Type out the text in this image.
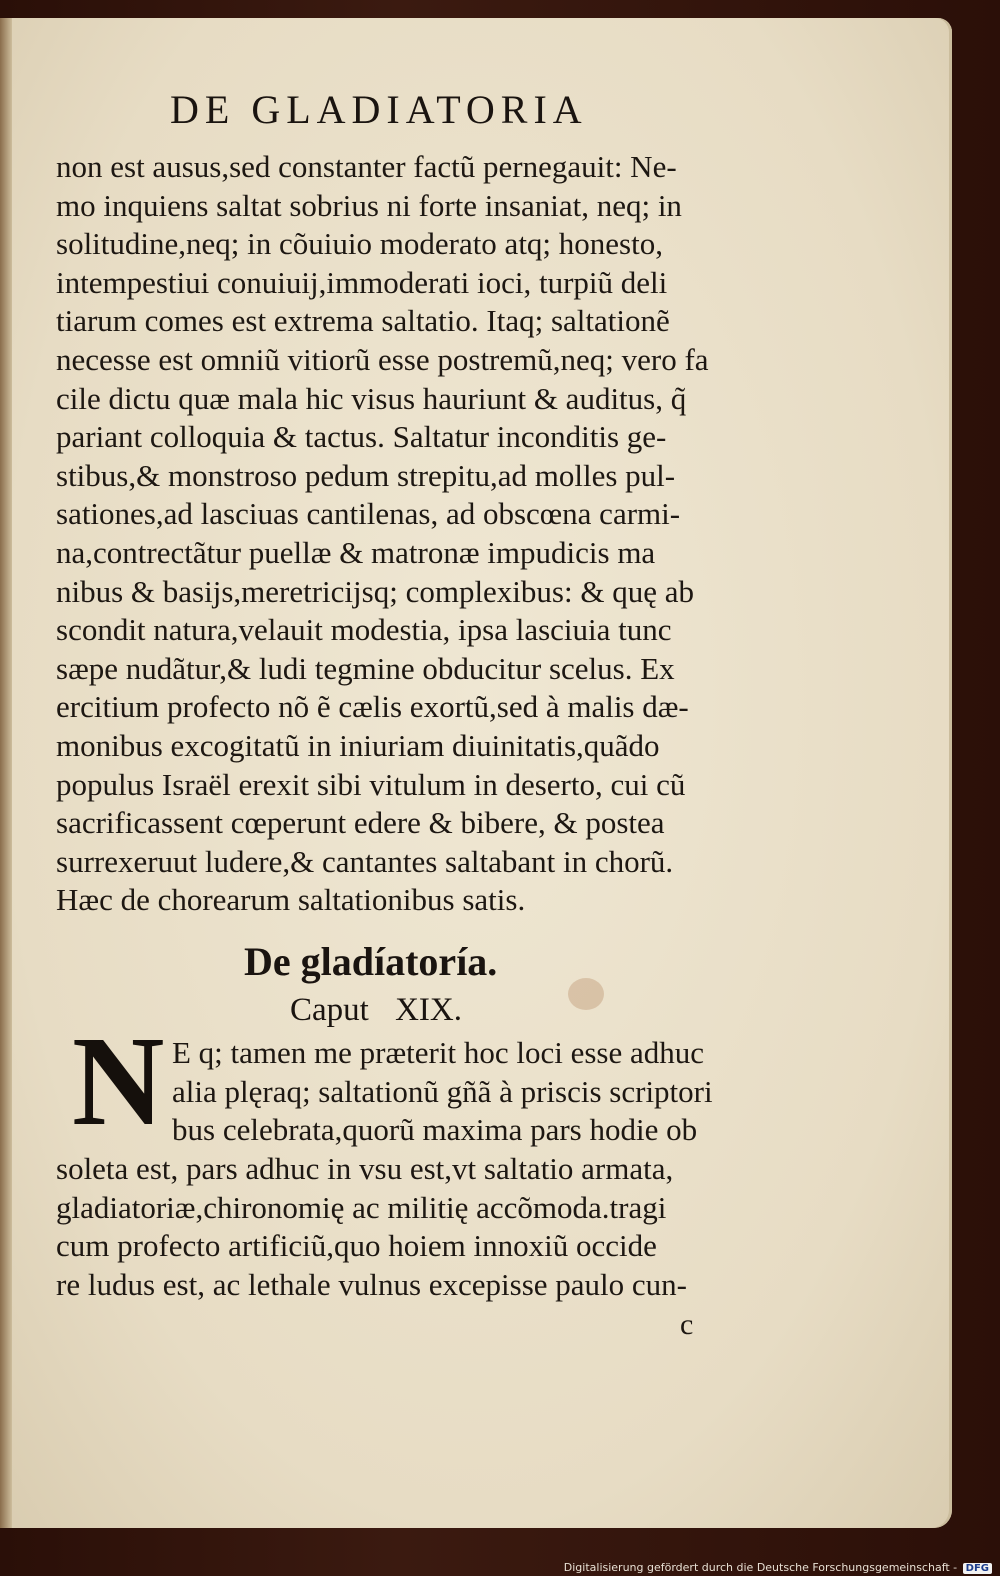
DE GLADIATORIA
non est ausus,sed constanter factũ pernegauit: Ne-
mo inquiens saltat sobrius ni forte insaniat, neq; in
solitudine,neq; in cõuiuio moderato atq; honesto,
intempestiui conuiuij,immoderati ioci, turpiũ deli
tiarum comes est extrema saltatio. Itaq; saltationẽ
necesse est omniũ vitiorũ esse postremũ,neq; vero fa
cile dictu quæ mala hic visus hauriunt & auditus, q̃
pariant colloquia & tactus. Saltatur inconditis ge-
stibus,& monstroso pedum strepitu,ad molles pul-
sationes,ad lasciuas cantilenas, ad obscœna carmi-
na,contrectãtur puellæ & matronæ impudicis ma
nibus & basijs,meretricijsq; complexibus: & quę ab
scondit natura,velauit modestia, ipsa lasciuia tunc
sæpe nudãtur,& ludi tegmine obducitur scelus. Ex
ercitium profecto nõ ẽ cælis exortũ,sed à malis dæ-
monibus excogitatũ in iniuriam diuinitatis,quãdo
populus Israël erexit sibi vitulum in deserto, cui cũ
sacrificassent cœperunt edere & bibere, & postea
surrexeruut ludere,& cantantes saltabant in chorũ.
Hæc de chorearum saltationibus satis.
De gladíatoría.
Caput XIX.
N E q; tamen me præterit hoc loci esse adhuc
alia plęraq; saltationũ gñã à priscis scriptori
bus celebrata,quorũ maxima pars hodie ob
soleta est, pars adhuc in vsu est,vt saltatio armata,
gladiatoriæ,chironomię ac militię accõmoda.tragi
cum profecto artificiũ,quo hoiem innoxiũ occide
re ludus est, ac lethale vulnus excepisse paulo cun-
c
Digitalisierung gefördert durch die Deutsche Forschungsgemeinschaft - DFG
